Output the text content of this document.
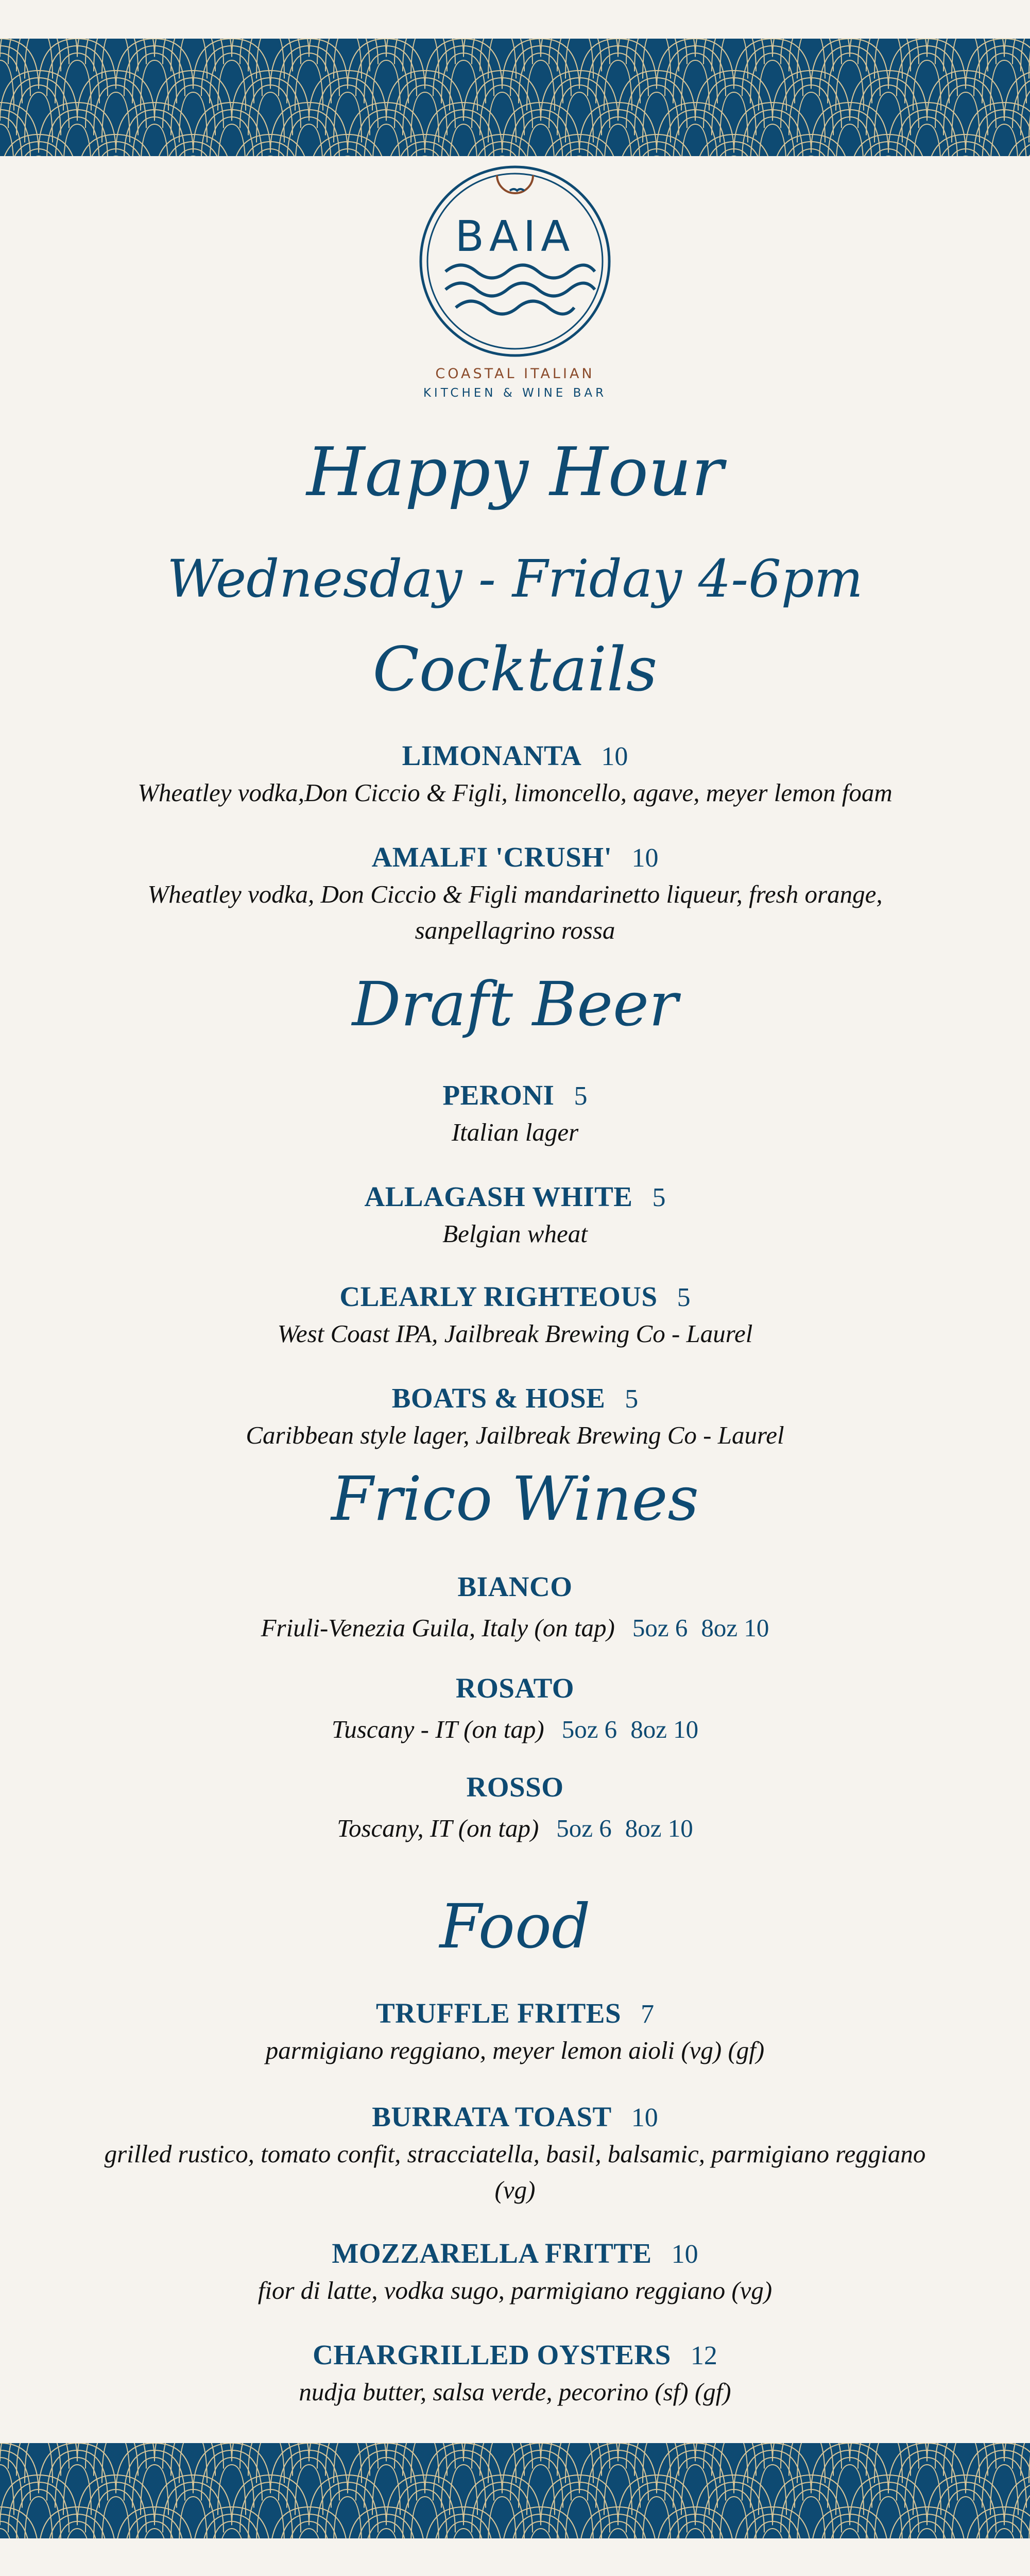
BAIA
COASTAL ITALIAN
KITCHEN & WINE BAR
Happy Hour
Wednesday - Friday 4-6pm
Cocktails
LIMONANTA 10
Wheatley vodka,Don Ciccio & Figli, limoncello, agave, meyer lemon foam
AMALFI 'CRUSH' 10
Wheatley vodka, Don Ciccio & Figli mandarinetto liqueur, fresh orange, sanpellagrino rossa
Draft Beer
PERONI 5
Italian lager
ALLAGASH WHITE 5
Belgian wheat
CLEARLY RIGHTEOUS 5
West Coast IPA, Jailbreak Brewing Co - Laurel
BOATS & HOSE 5
Caribbean style lager, Jailbreak Brewing Co - Laurel
Frico Wines
BIANCO
Friuli-Venezia Guila, Italy (on tap) 5oz 6 8oz 10
ROSATO
Tuscany - IT (on tap) 5oz 6 8oz 10
ROSSO
Toscany, IT (on tap) 5oz 6 8oz 10
Food
TRUFFLE FRITES 7
parmigiano reggiano, meyer lemon aioli (vg) (gf)
BURRATA TOAST 10
grilled rustico, tomato confit, stracciatella, basil, balsamic, parmigiano reggiano (vg)
MOZZARELLA FRITTE 10
fior di latte, vodka sugo, parmigiano reggiano (vg)
CHARGRILLED OYSTERS 12
nudja butter, salsa verde, pecorino (sf) (gf)
